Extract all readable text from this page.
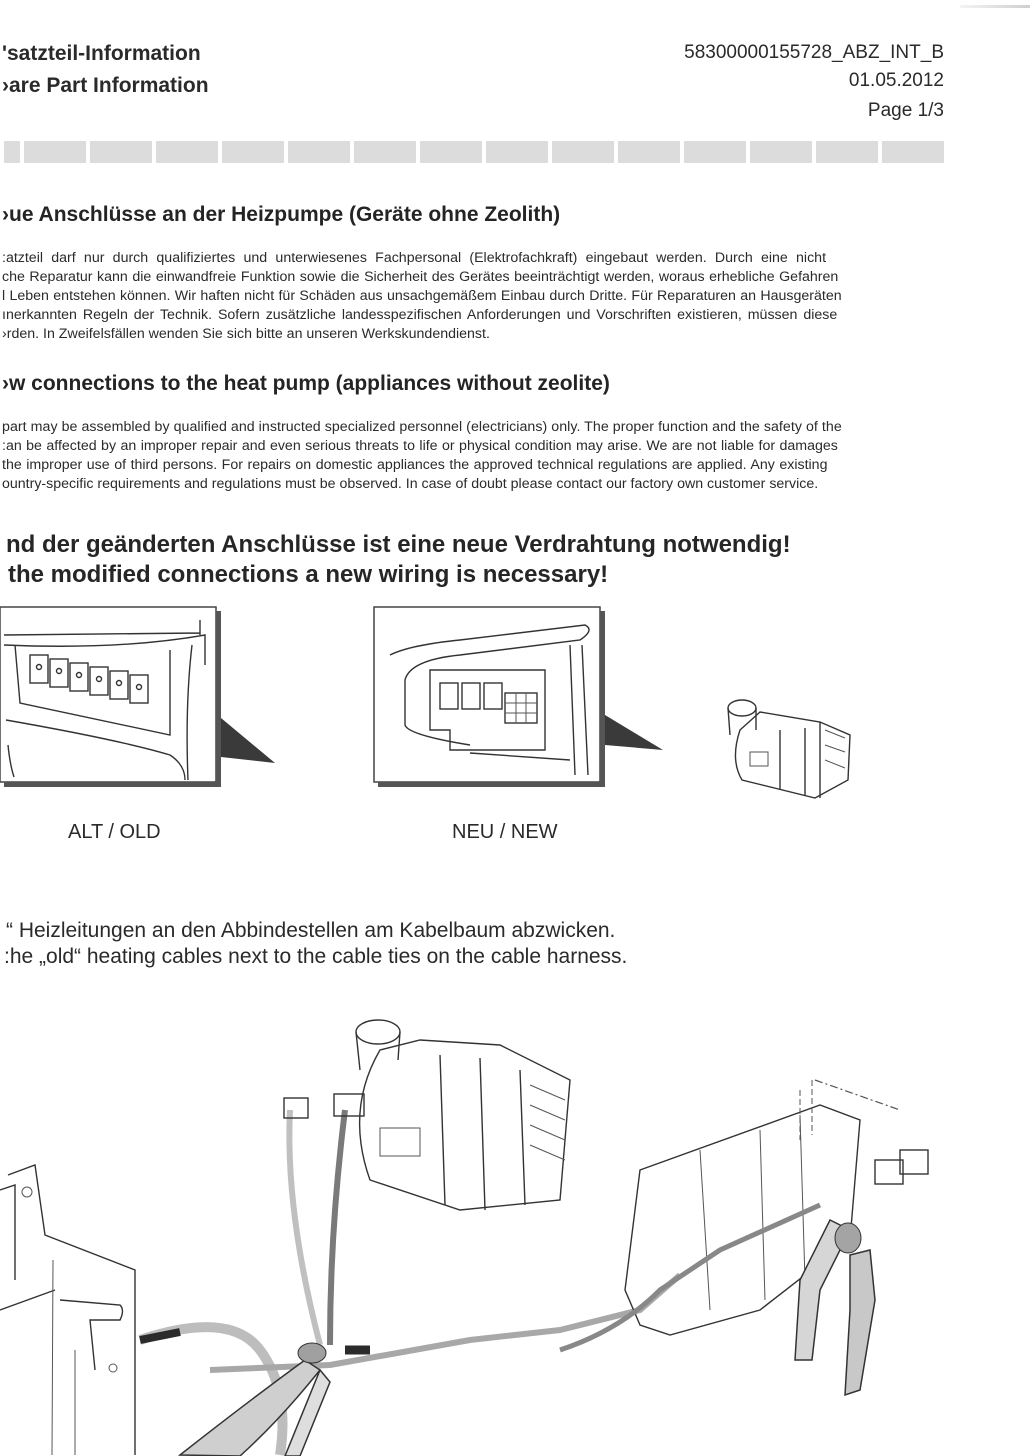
'satzteil-Information
›are Part Information
58300000155728_ABZ_INT_B
01.05.2012
Page 1/3
›ue Anschlüsse an der Heizpumpe (Geräte ohne Zeolith)
:atzteil darf nur durch qualifiziertes und unterwiesenes Fachpersonal (Elektrofachkraft) eingebaut werden. Durch eine nicht
che Reparatur kann die einwandfreie Funktion sowie die Sicherheit des Gerätes beeinträchtigt werden, woraus erhebliche Gefahren
l Leben entstehen können. Wir haften nicht für Schäden aus unsachgemäßem Einbau durch Dritte. Für Reparaturen an Hausgeräten
ınerkannten Regeln der Technik. Sofern zusätzliche landesspezifischen Anforderungen und Vorschriften existieren, müssen diese
›rden. In Zweifelsfällen wenden Sie sich bitte an unseren Werkskundendienst.
›w connections to the heat pump (appliances without zeolite)
part may be assembled by qualified and instructed specialized personnel (electricians) only. The proper function and the safety of the
:an be affected by an improper repair and even serious threats to life or physical condition may arise. We are not liable for damages
the improper use of third persons. For repairs on domestic appliances the approved technical regulations are applied. Any existing
ountry-specific requirements and regulations must be observed. In case of doubt please contact our factory own customer service.
nd der geänderten Anschlüsse ist eine neue Verdrahtung notwendig!
the modified connections a new wiring is necessary!
ALT / OLD	NEU / NEW
“ Heizleitungen an den Abbindestellen am Kabelbaum abzwicken.
:he „old“ heating cables next to the cable ties on the cable harness.
